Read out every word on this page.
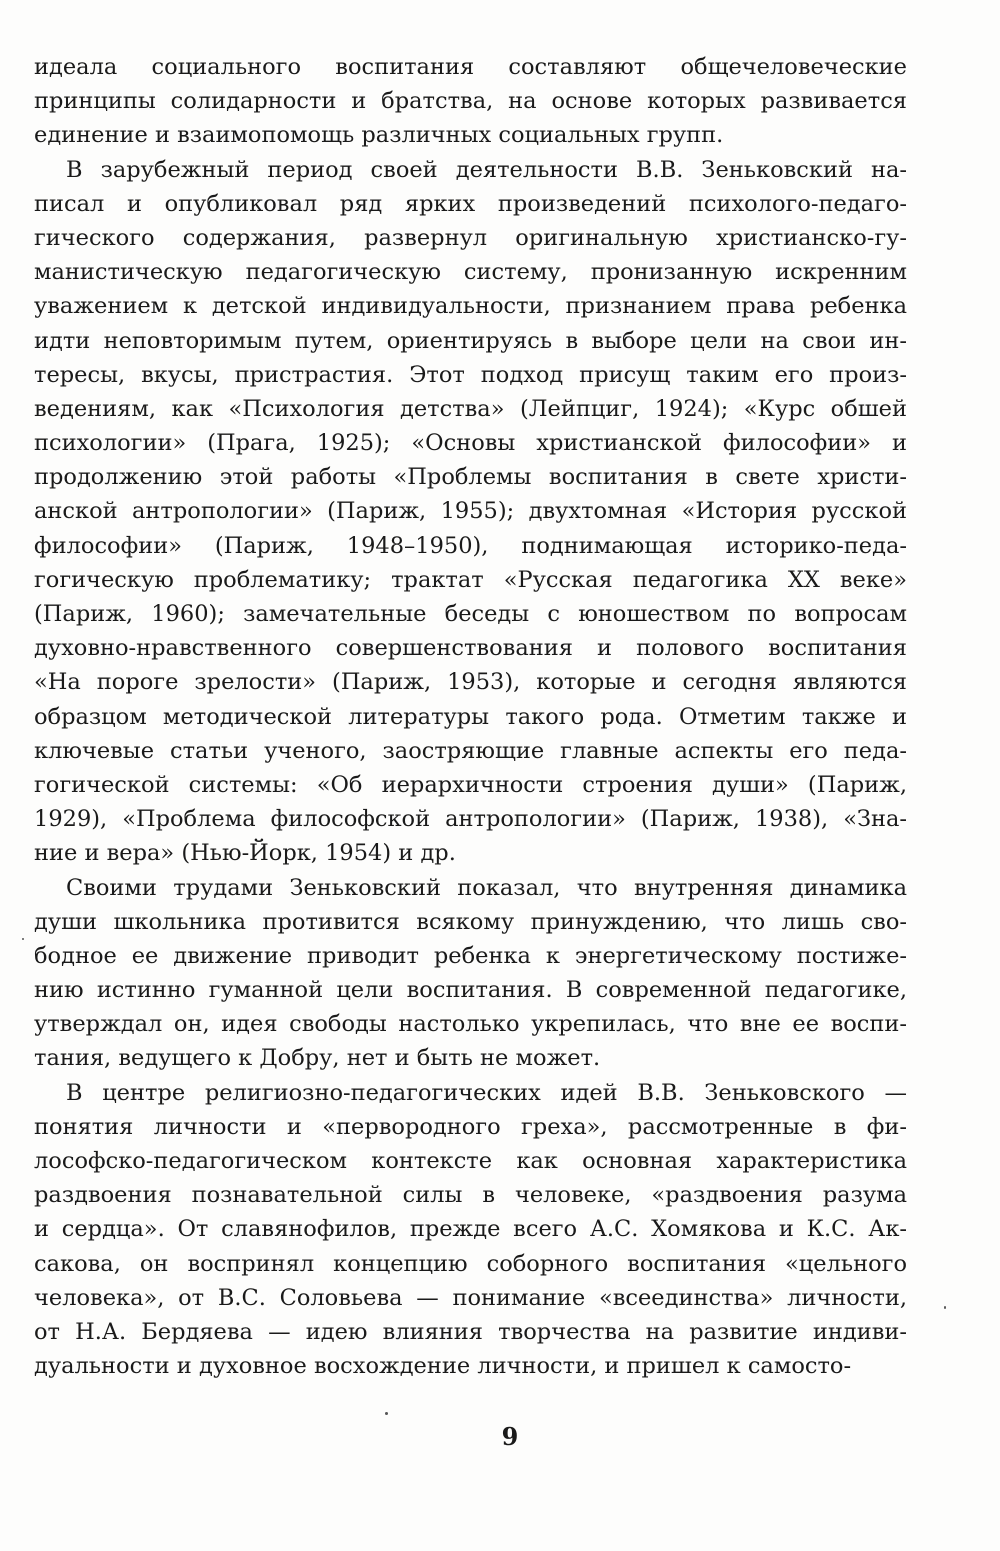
идеала социального воспитания составляют общечеловеческие
принципы солидарности и братства, на основе которых развивается
единение и взаимопомощь различных социальных групп.
В зарубежный период своей деятельности В.В. Зеньковский на-
писал и опубликовал ряд ярких произведений психолого-педаго-
гического содержания, развернул оригинальную христианско-гу-
манистическую педагогическую систему, пронизанную искренним
уважением к детской индивидуальности, признанием права ребенка
идти неповторимым путем, ориентируясь в выборе цели на свои ин-
тересы, вкусы, пристрастия. Этот подход присущ таким его произ-
ведениям, как «Психология детства» (Лейпциг, 1924); «Курс обшей
психологии» (Прага, 1925); «Основы христианской философии» и
продолжению этой работы «Проблемы воспитания в свете христи-
анской антропологии» (Париж, 1955); двухтомная «История русской
философии» (Париж, 1948–1950), поднимающая историко-педа-
гогическую проблематику; трактат «Русская педагогика XX веке»
(Париж, 1960); замечательные беседы с юношеством по вопросам
духовно-нравственного совершенствования и полового воспитания
«На пороге зрелости» (Париж, 1953), которые и сегодня являются
образцом методической литературы такого рода. Отметим также и
ключевые статьи ученого, заостряющие главные аспекты его педа-
гогической системы: «Об иерархичности строения души» (Париж,
1929), «Проблема философской антропологии» (Париж, 1938), «Зна-
ние и вера» (Нью-Йорк, 1954) и др.
Своими трудами Зеньковский показал, что внутренняя динамика
души школьника противится всякому принуждению, что лишь сво-
бодное ее движение приводит ребенка к энергетическому постиже-
нию истинно гуманной цели воспитания. В современной педагогике,
утверждал он, идея свободы настолько укрепилась, что вне ее воспи-
тания, ведущего к Добру, нет и быть не может.
В центре религиозно-педагогических идей В.В. Зеньковского —
понятия личности и «первородного греха», рассмотренные в фи-
лософско-педагогическом контексте как основная характеристика
раздвоения познавательной силы в человеке, «раздвоения разума
и сердца». От славянофилов, прежде всего А.С. Хомякова и К.С. Ак-
сакова, он воспринял концепцию соборного воспитания «цельного
человека», от В.С. Соловьева — понимание «всеединства» личности,
от Н.А. Бердяева — идею влияния творчества на развитие индиви-
дуальности и духовное восхождение личности, и пришел к самосто-
9
